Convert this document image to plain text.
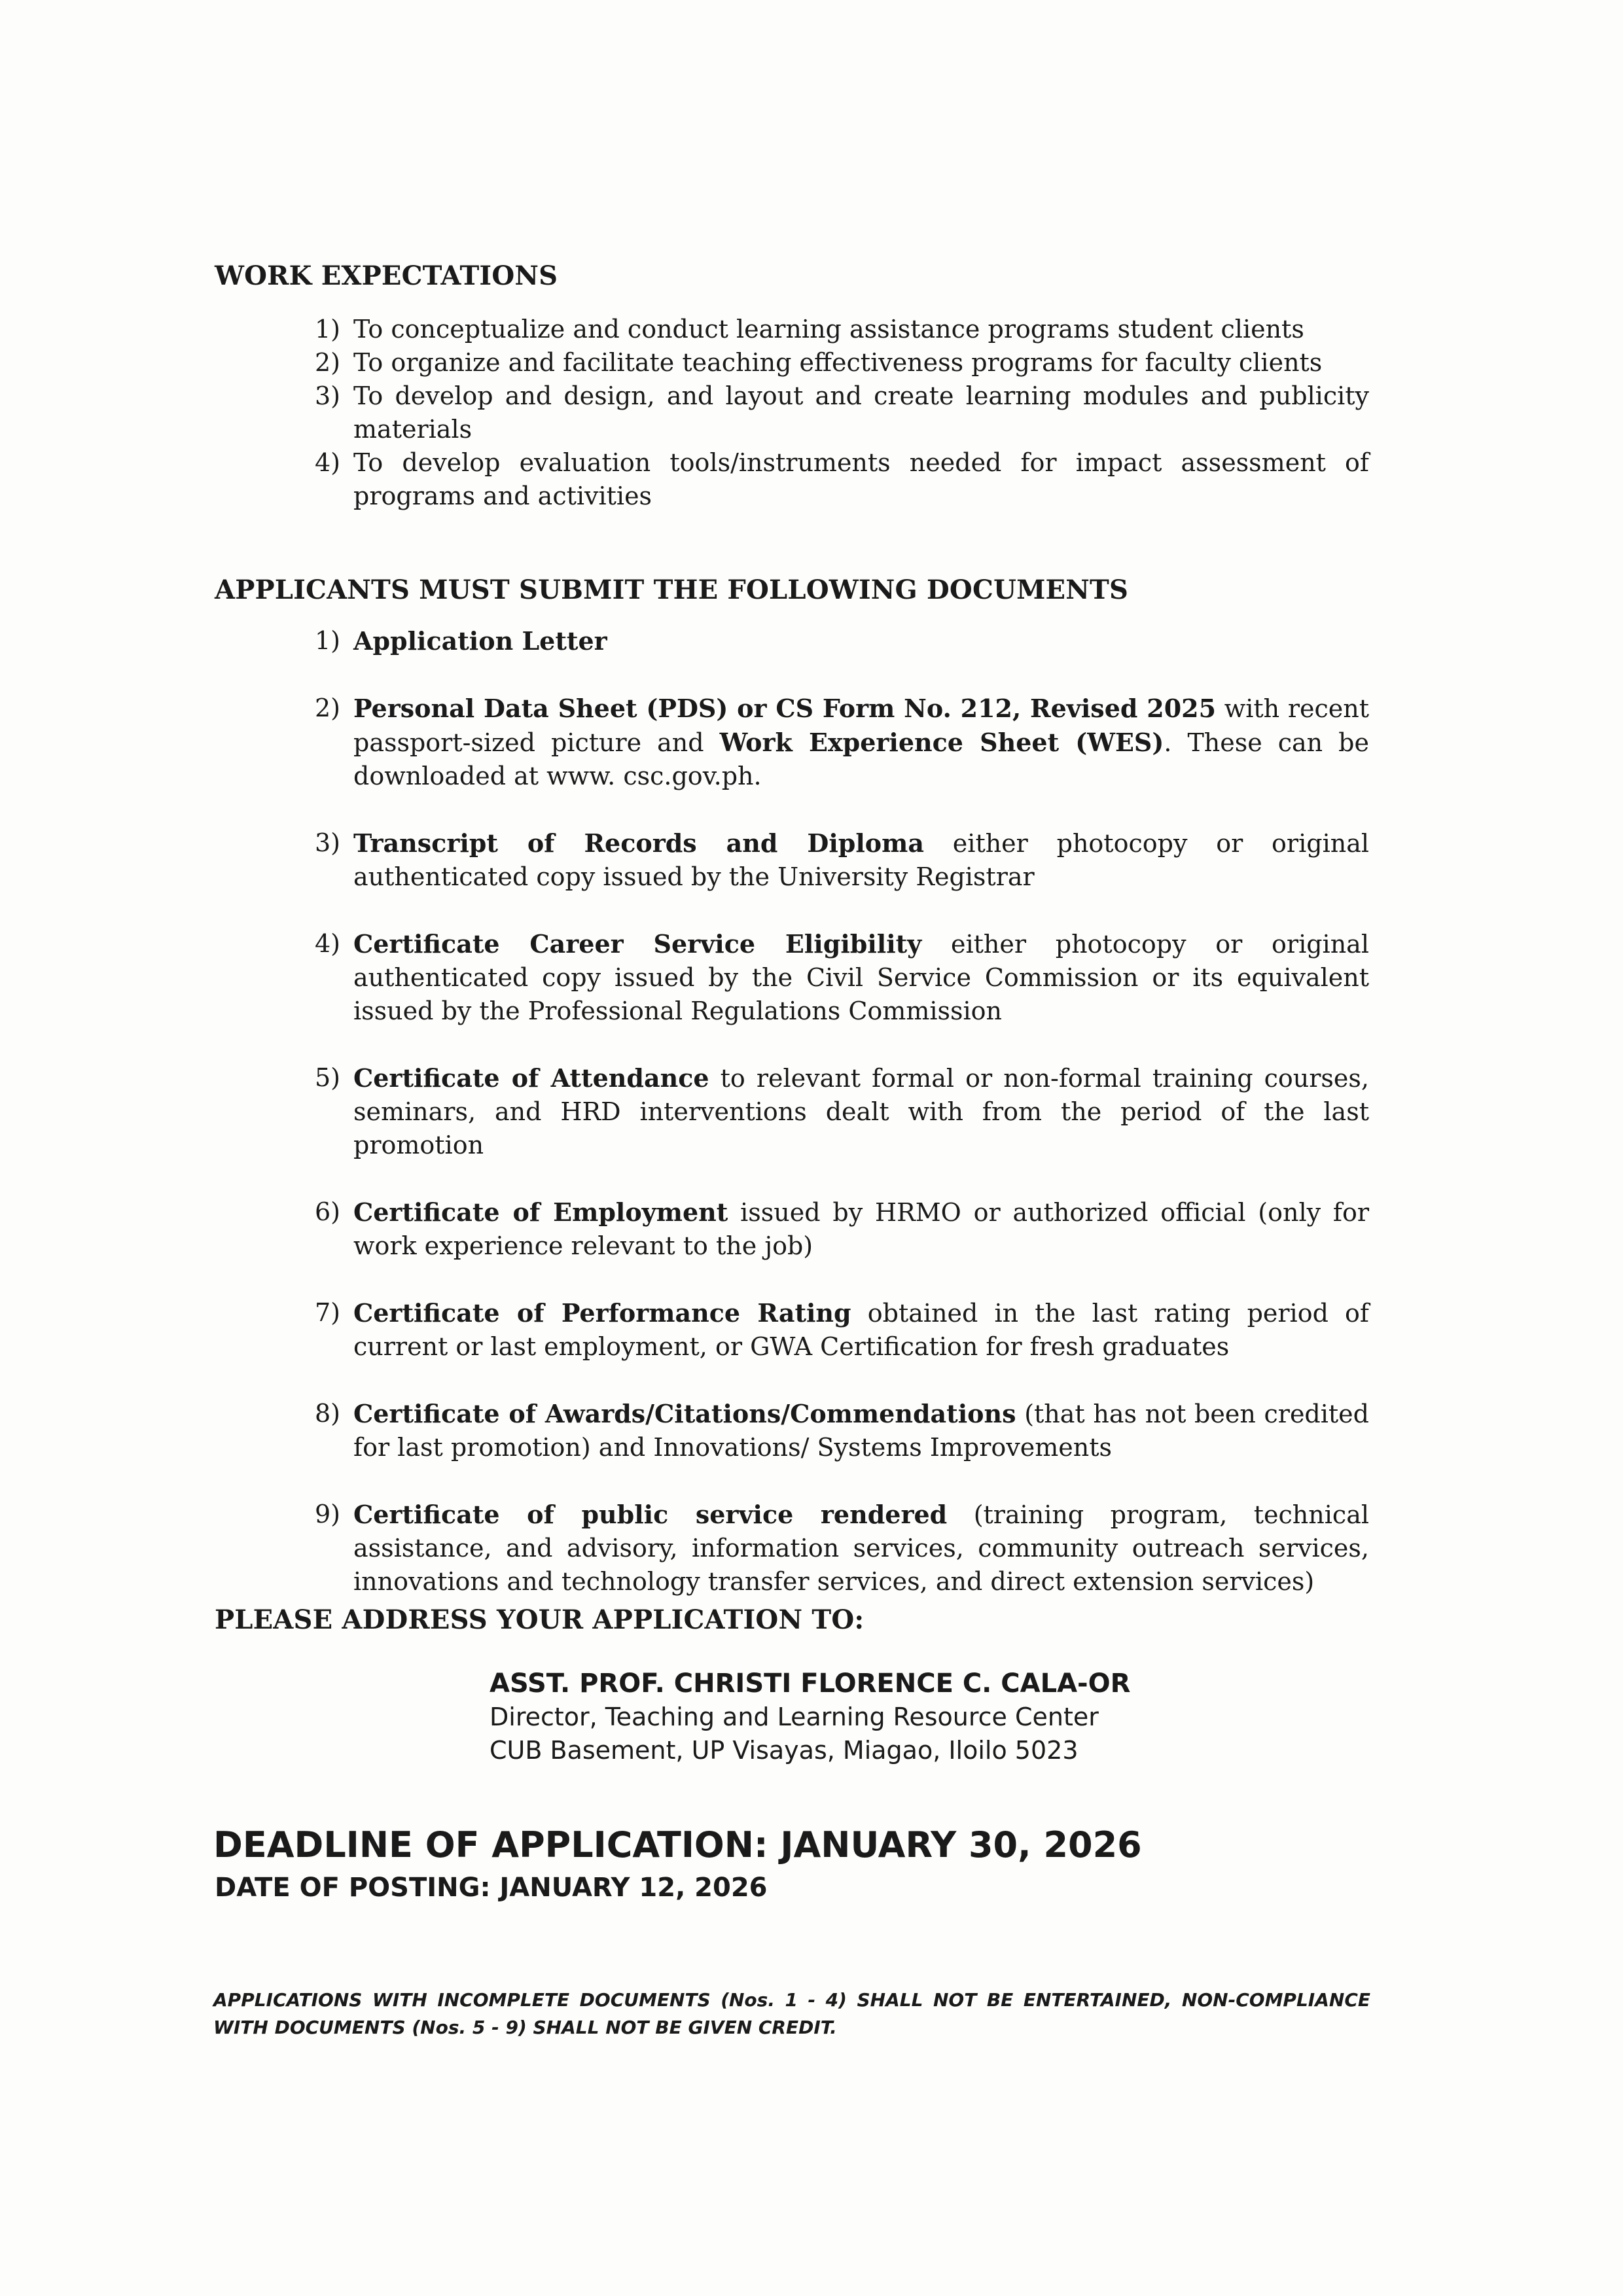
WORK EXPECTATIONS
1) To conceptualize and conduct learning assistance programs student clients
2) To organize and facilitate teaching effectiveness programs for faculty clients
3) To develop and design, and layout and create learning modules and publicity materials
4) To develop evaluation tools/instruments needed for impact assessment of programs and activities
APPLICANTS MUST SUBMIT THE FOLLOWING DOCUMENTS
1) Application Letter
2) Personal Data Sheet (PDS) or CS Form No. 212, Revised 2025 with recent passport-sized picture and Work Experience Sheet (WES). These can be downloaded at www. csc.gov.ph.
3) Transcript of Records and Diploma either photocopy or original authenticated copy issued by the University Registrar
4) Certificate Career Service Eligibility either photocopy or original authenticated copy issued by the Civil Service Commission or its equivalent issued by the Professional Regulations Commission
5) Certificate of Attendance to relevant formal or non-formal training courses, seminars, and HRD interventions dealt with from the period of the last promotion
6) Certificate of Employment issued by HRMO or authorized official (only for work experience relevant to the job)
7) Certificate of Performance Rating obtained in the last rating period of current or last employment, or GWA Certification for fresh graduates
8) Certificate of Awards/Citations/Commendations (that has not been credited for last promotion) and Innovations/ Systems Improvements
9) Certificate of public service rendered (training program, technical assistance, and advisory, information services, community outreach services, innovations and technology transfer services, and direct extension services)
PLEASE ADDRESS YOUR APPLICATION TO:
ASST. PROF. CHRISTI FLORENCE C. CALA-OR
Director, Teaching and Learning Resource Center
CUB Basement, UP Visayas, Miagao, Iloilo 5023
DEADLINE OF APPLICATION: JANUARY 30, 2026
DATE OF POSTING: JANUARY 12, 2026

APPLICATIONS WITH INCOMPLETE DOCUMENTS (Nos. 1 - 4) SHALL NOT BE ENTERTAINED, NON-COMPLIANCE WITH DOCUMENTS (Nos. 5 - 9) SHALL NOT BE GIVEN CREDIT.
